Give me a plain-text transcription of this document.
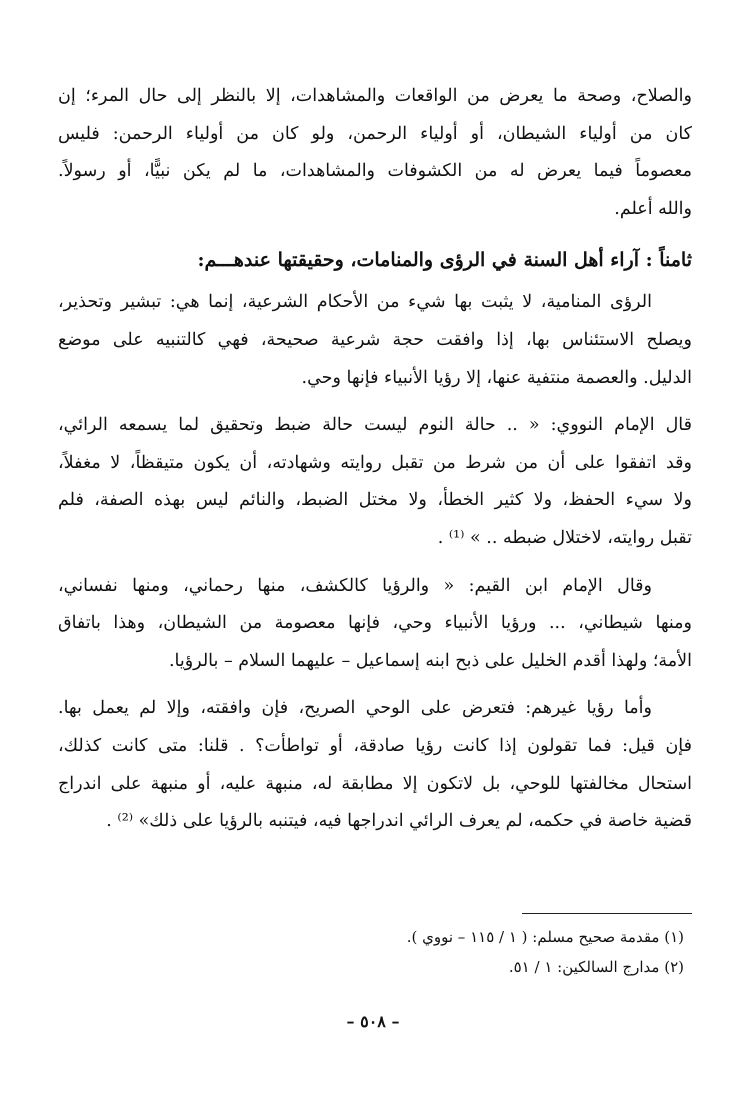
والصلاح، وصحة ما يعرض من الواقعات والمشاهدات، إلا بالنظر إلى حال المرء؛ إن
كان من أولياء الشيطان، أو أولياء الرحمن، ولو كان من أولياء الرحمن: فليس
معصوماً فيما يعرض له من الكشوفات والمشاهدات، ما لم يكن نبيًّا، أو رسولاً.
والله أعلم.
ثامناً : آراء أهل السنة في الرؤى والمنامات، وحقيقتها عندهـــم:
الرؤى المنامية، لا يثبت بها شيء من الأحكام الشرعية، إنما هي: تبشير وتحذير،
ويصلح الاستئناس بها، إذا وافقت حجة شرعية صحيحة، فهي كالتنبيه على موضع
الدليل. والعصمة منتفية عنها، إلا رؤيا الأنبياء فإنها وحي.
قال الإمام النووي: « .. حالة النوم ليست حالة ضبط وتحقيق لما يسمعه الرائي،
وقد اتفقوا على أن من شرط من تقبل روايته وشهادته، أن يكون متيقظاً، لا مغفلاً،
ولا سيء الحفظ، ولا كثير الخطأ، ولا مختل الضبط، والنائم ليس بهذه الصفة، فلم
تقبل روايته، لاختلال ضبطه .. » ⁽¹⁾ .
وقال الإمام ابن القيم: « والرؤيا كالكشف، منها رحماني، ومنها نفساني،
ومنها شيطاني، ... ورؤيا الأنبياء وحي، فإنها معصومة من الشيطان، وهذا باتفاق
الأمة؛ ولهذا أقدم الخليل على ذبح ابنه إسماعيل – عليهما السلام – بالرؤيا.
وأما رؤيا غيرهم: فتعرض على الوحي الصريح، فإن وافقته، وإلا لم يعمل بها.
فإن قيل: فما تقولون إذا كانت رؤيا صادقة، أو تواطأت؟ . قلنا: متى كانت كذلك،
استحال مخالفتها للوحي، بل لاتكون إلا مطابقة له، منبهة عليه، أو منبهة على اندراج
قضية خاصة في حكمه، لم يعرف الرائي اندراجها فيه، فيتنبه بالرؤيا على ذلك» ⁽²⁾ .
(١) مقدمة صحيح مسلم: ( ١ / ١١٥ – نووي ).
(٢) مدارج السالكين: ١ / ٥١.
– ٥٠٨ –
